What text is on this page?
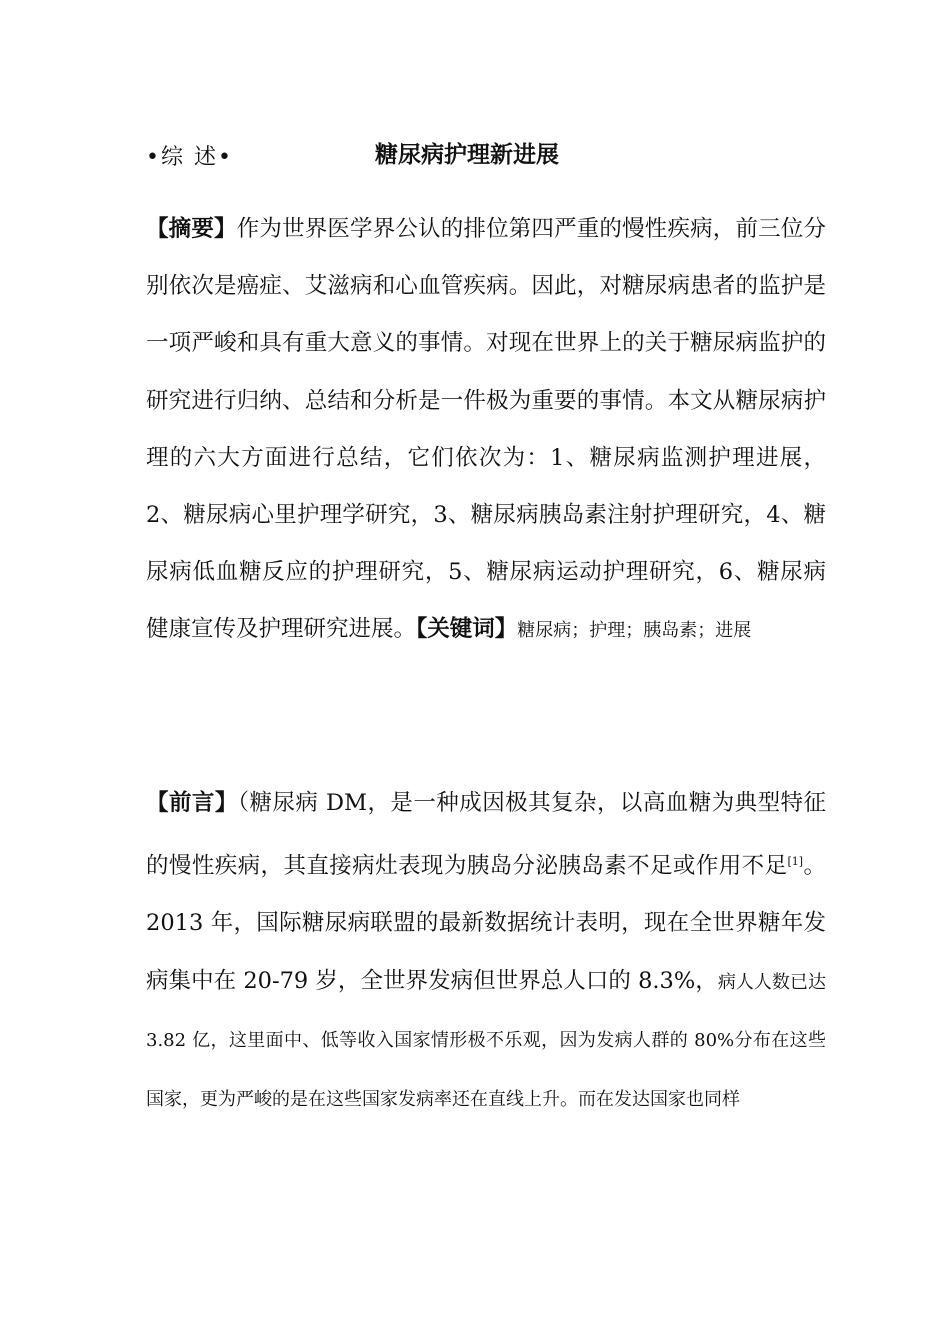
•综 述•	糖尿病护理新进展

【摘要】作为世界医学界公认的排位第四严重的慢性疾病，前三位分别依次是癌症、艾滋病和心血管疾病。因此，对糖尿病患者的监护是一项严峻和具有重大意义的事情。对现在世界上的关于糖尿病监护的研究进行归纳、总结和分析是一件极为重要的事情。本文从糖尿病护理的六大方面进行总结，它们依次为：1、糖尿病监测护理进展，2、糖尿病心里护理学研究，3、糖尿病胰岛素注射护理研究，4、糖尿病低血糖反应的护理研究，5、糖尿病运动护理研究，6、糖尿病健康宣传及护理研究进展。【关键词】糖尿病；护理；胰岛素；进展

【前言】（糖尿病 DM，是一种成因极其复杂，以高血糖为典型特征的慢性疾病，其直接病灶表现为胰岛分泌胰岛素不足或作用不足[1]。2013 年，国际糖尿病联盟的最新数据统计表明，现在全世界糖年发病集中在 20-79 岁，全世界发病但世界总人口的 8.3%，病人人数已达 3.82 亿，这里面中、低等收入国家情形极不乐观，因为发病人群的 80%分布在这些国家，更为严峻的是在这些国家发病率还在直线上升。而在发达国家也同样
